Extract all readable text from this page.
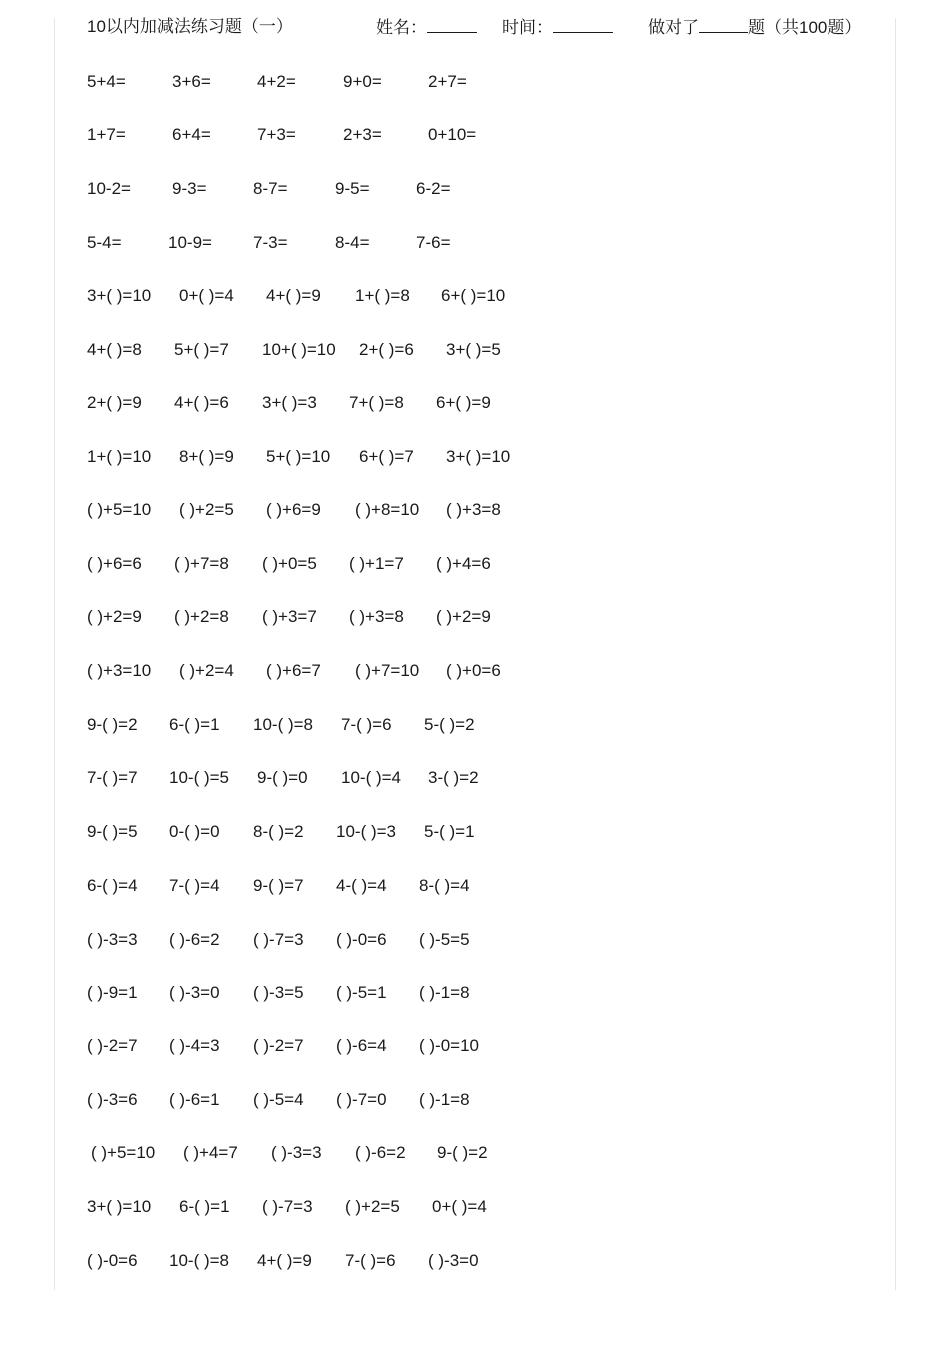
10以内加减法练习题（一）	姓名：	时间：	做对了	题（共100题）
5+4=	3+6=	4+2=	9+0=	2+7=
1+7=	6+4=	7+3=	2+3=	0+10=
10-2= 9-3=	8-7=	9-5=	6-2=
5-4=	10-9= 7-3=	8-4=	7-6=
3+( )=10 0+( )=4 4+( )=9 1+( )=8 6+( )=10
4+( )=8 5+( )=7 10+( )=10 2+( )=6 3+( )=5
2+( )=9 4+( )=6 3+( )=3 7+( )=8 6+( )=9
1+( )=10 8+( )=9 5+( )=10 6+( )=7 3+( )=10
( )+5=10 ( )+2=5 ( )+6=9 ( )+8=10 ( )+3=8
( )+6=6 ( )+7=8 ( )+0=5 ( )+1=7 ( )+4=6
( )+2=9 ( )+2=8 ( )+3=7 ( )+3=8 ( )+2=9
( )+3=10 ( )+2=4 ( )+6=7 ( )+7=10 ( )+0=6
9-( )=2 6-( )=1 10-( )=8 7-( )=6 5-( )=2
7-( )=7 10-( )=5 9-( )=0 10-( )=4 3-( )=2
9-( )=5 0-( )=0 8-( )=2 10-( )=3 5-( )=1
6-( )=4 7-( )=4 9-( )=7 4-( )=4 8-( )=4
( )-3=3 ( )-6=2 ( )-7=3 ( )-0=6 ( )-5=5
( )-9=1 ( )-3=0 ( )-3=5 ( )-5=1 ( )-1=8
( )-2=7 ( )-4=3 ( )-2=7 ( )-6=4 ( )-0=10
( )-3=6 ( )-6=1 ( )-5=4 ( )-7=0 ( )-1=8
( )+5=10 ( )+4=7 ( )-3=3 ( )-6=2 9-( )=2
3+( )=10 6-( )=1 ( )-7=3 ( )+2=5 0+( )=4
( )-0=6 10-( )=8 4+( )=9 7-( )=6 ( )-3=0
